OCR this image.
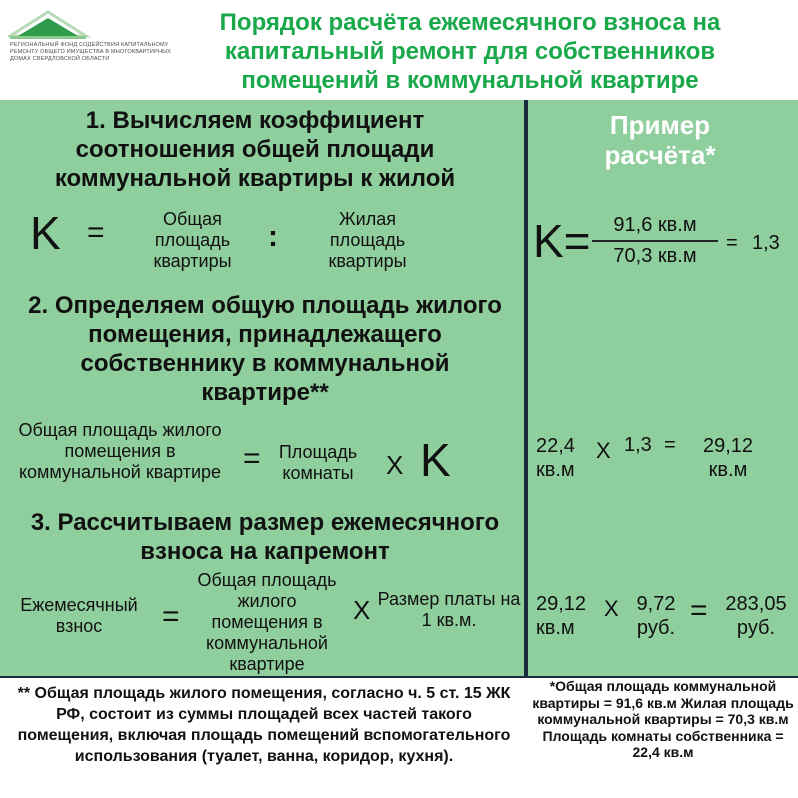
РЕГИОНАЛЬНЫЙ ФОНД СОДЕЙСТВИЯ КАПИТАЛЬНОМУ РЕМОНТУ ОБЩЕГО ИМУЩЕСТВА В МНОГОКВАРТИРНЫХ ДОМАХ СВЕРДЛОВСКОЙ ОБЛАСТИ
Порядок расчёта ежемесячного взноса на капитальный ремонт для собственников помещений в коммунальной квартире
Пример расчёта*
1. Вычисляем коэффициент соотношения общей площади коммунальной квартиры к жилой
K =	Общая площадь квартиры
:
Жилая площадь квартиры	K=	91,6 кв.м
70,3 кв.м
= 1,3
2. Определяем общую площадь жилого помещения, принадлежащего собственнику в коммунальной квартире**
Общая площадь жилого помещения в коммунальной квартире =	Площадь комнаты	X K	22,4 кв.м
X 1,3 =	29,12 кв.м
3. Рассчитываем размер ежемесячного взноса на капремонт
Ежемесячный взнос	=
Общая площадь жилого помещения в коммунальной квартире
X Размер платы на 1 кв.м.
29,12 кв.м
X 9,72 руб.
= 283,05 руб.
** Общая площадь жилого помещения, согласно ч. 5 ст. 15 ЖК РФ, состоит из суммы площадей всех частей такого помещения, включая площадь помещений вспомогательного использования (туалет, ванна, коридор, кухня).
*Общая площадь коммунальной квартиры = 91,6 кв.м Жилая площадь коммунальной квартиры = 70,3 кв.м Площадь комнаты собственника = 22,4 кв.м
